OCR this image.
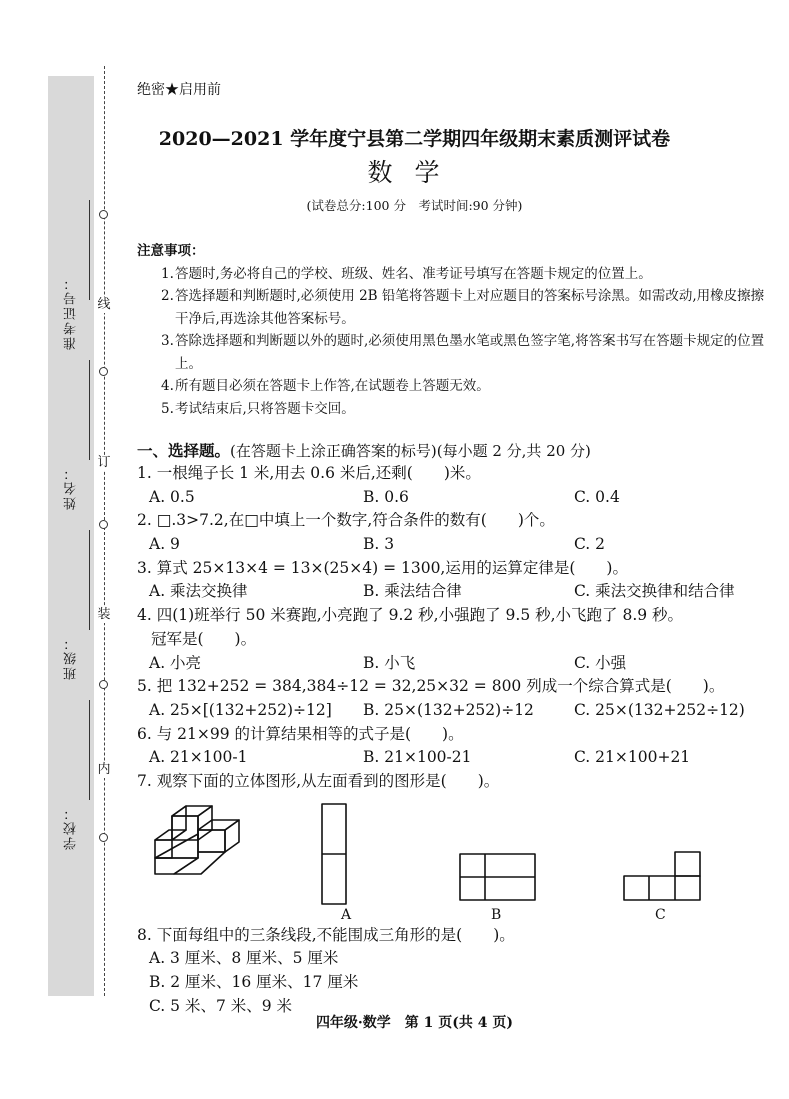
线
订
装
内
准考证号：
姓名：
班级：
学校：
绝密★启用前
2020—2021 学年度宁县第二学期四年级期末素质测评试卷
数学
(试卷总分:100 分　考试时间:90 分钟)
注意事项：
1.答题时,务必将自己的学校、班级、姓名、准考证号填写在答题卡规定的位置上。
2.答选择题和判断题时,必须使用 2B 铅笔将答题卡上对应题目的答案标号涂黑。如需改动,用橡皮擦擦干净后,再选涂其他答案标号。
3.答除选择题和判断题以外的题时,必须使用黑色墨水笔或黑色签字笔,将答案书写在答题卡规定的位置上。
4.所有题目必须在答题卡上作答,在试题卷上答题无效。
5.考试结束后,只将答题卡交回。
一、选择题。(在答题卡上涂正确答案的标号)(每小题 2 分,共 20 分)
1. 一根绳子长 1 米,用去 0.6 米后,还剩(　　)米。
A. 0.5	B. 0.6	C. 0.4
2. □.3>7.2,在□中填上一个数字,符合条件的数有(　　)个。
A. 9	B. 3	C. 2
3. 算式 25×13×4 = 13×(25×4) = 1300,运用的运算定律是(　　)。
A. 乘法交换律	B. 乘法结合律	C. 乘法交换律和结合律
4. 四(1)班举行 50 米赛跑,小亮跑了 9.2 秒,小强跑了 9.5 秒,小飞跑了 8.9 秒。
冠军是(　　)。
A. 小亮	B. 小飞	C. 小强
5. 把 132+252 = 384,384÷12 = 32,25×32 = 800 列成一个综合算式是(　　)。
A. 25×[(132+252)÷12] B. 25×(132+252)÷12	C. 25×(132+252÷12)
6. 与 21×99 的计算结果相等的式子是(　　)。
A. 21×100-1	B. 21×100-21	C. 21×100+21
7. 观察下面的立体图形,从左面看到的图形是(　　)。
A	B	C
8. 下面每组中的三条线段,不能围成三角形的是(　　)。
A. 3 厘米、8 厘米、5 厘米
B. 2 厘米、16 厘米、17 厘米
C. 5 米、7 米、9 米
四年级·数学　第 1 页(共 4 页)
